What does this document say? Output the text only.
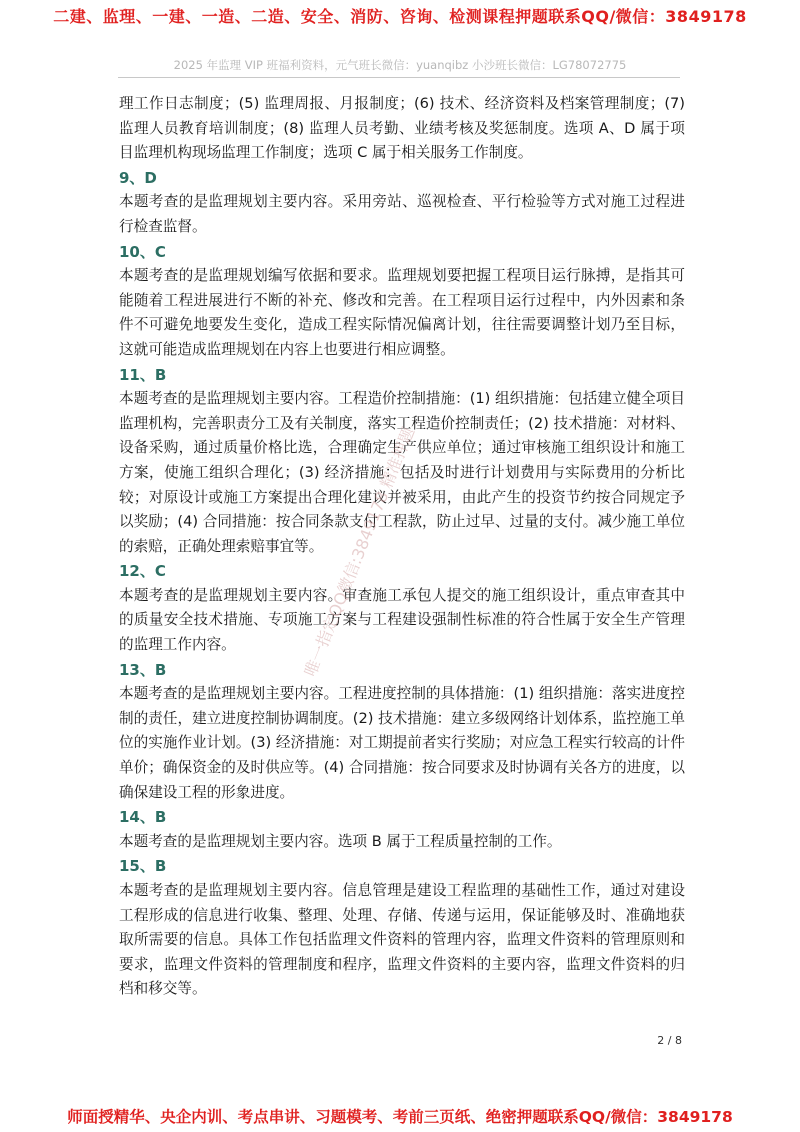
二建、监理、一建、一造、二造、安全、消防、咨询、检测课程押题联系QQ/微信：3849178
2025 年监理 VIP 班福利资料，元气班长微信：yuanqibz 小沙班长微信：LG78072775

理工作日志制度；(5) 监理周报、月报制度；(6) 技术、经济资料及档案管理制度；(7) 监理人员教育培训制度；(8) 监理人员考勤、业绩考核及奖惩制度。选项 A、D 属于项目监理机构现场监理工作制度；选项 C 属于相关服务工作制度。

9、D

本题考查的是监理规划主要内容。采用旁站、巡视检查、平行检验等方式对施工过程进行检查监督。

10、C

本题考查的是监理规划编写依据和要求。监理规划要把握工程项目运行脉搏，是指其可能随着工程进展进行不断的补充、修改和完善。在工程项目运行过程中，内外因素和条件不可避免地要发生变化，造成工程实际情况偏离计划，往往需要调整计划乃至目标，这就可能造成监理规划在内容上也要进行相应调整。

11、B

本题考查的是监理规划主要内容。工程造价控制措施：(1) 组织措施：包括建立健全项目监理机构，完善职责分工及有关制度，落实工程造价控制责任；(2) 技术措施：对材料、设备采购，通过质量价格比选，合理确定生产供应单位；通过审核施工组织设计和施工方案，使施工组织合理化；(3) 经济措施：包括及时进行计划费用与实际费用的分析比较；对原设计或施工方案提出合理化建议并被采用，由此产生的投资节约按合同规定予以奖励；(4) 合同措施：按合同条款支付工程款，防止过早、过量的支付。减少施工单位的索赔，正确处理索赔事宜等。

12、C

本题考查的是监理规划主要内容。审查施工承包人提交的施工组织设计，重点审查其中的质量安全技术措施、专项施工方案与工程建设强制性标准的符合性属于安全生产管理的监理工作内容。

13、B

本题考查的是监理规划主要内容。工程进度控制的具体措施：(1) 组织措施：落实进度控制的责任，建立进度控制协调制度。(2) 技术措施：建立多级网络计划体系，监控施工单位的实施作业计划。(3) 经济措施：对工期提前者实行奖励；对应急工程实行较高的计件单价；确保资金的及时供应等。(4) 合同措施：按合同要求及时协调有关各方的进度，以确保建设工程的形象进度。

14、B

本题考查的是监理规划主要内容。选项 B 属于工程质量控制的工作。

15、B

本题考查的是监理规划主要内容。信息管理是建设工程监理的基础性工作，通过对建设工程形成的信息进行收集、整理、处理、存储、传递与运用，保证能够及时、准确地获取所需要的信息。具体工作包括监理文件资料的管理内容，监理文件资料的管理原则和要求，监理文件资料的管理制度和程序，监理文件资料的主要内容，监理文件资料的归档和移交等。

唯一指定QQ微信:3849178 精准押题
2 / 8
师面授精华、央企内训、考点串讲、习题模考、考前三页纸、绝密押题联系QQ/微信：3849178
